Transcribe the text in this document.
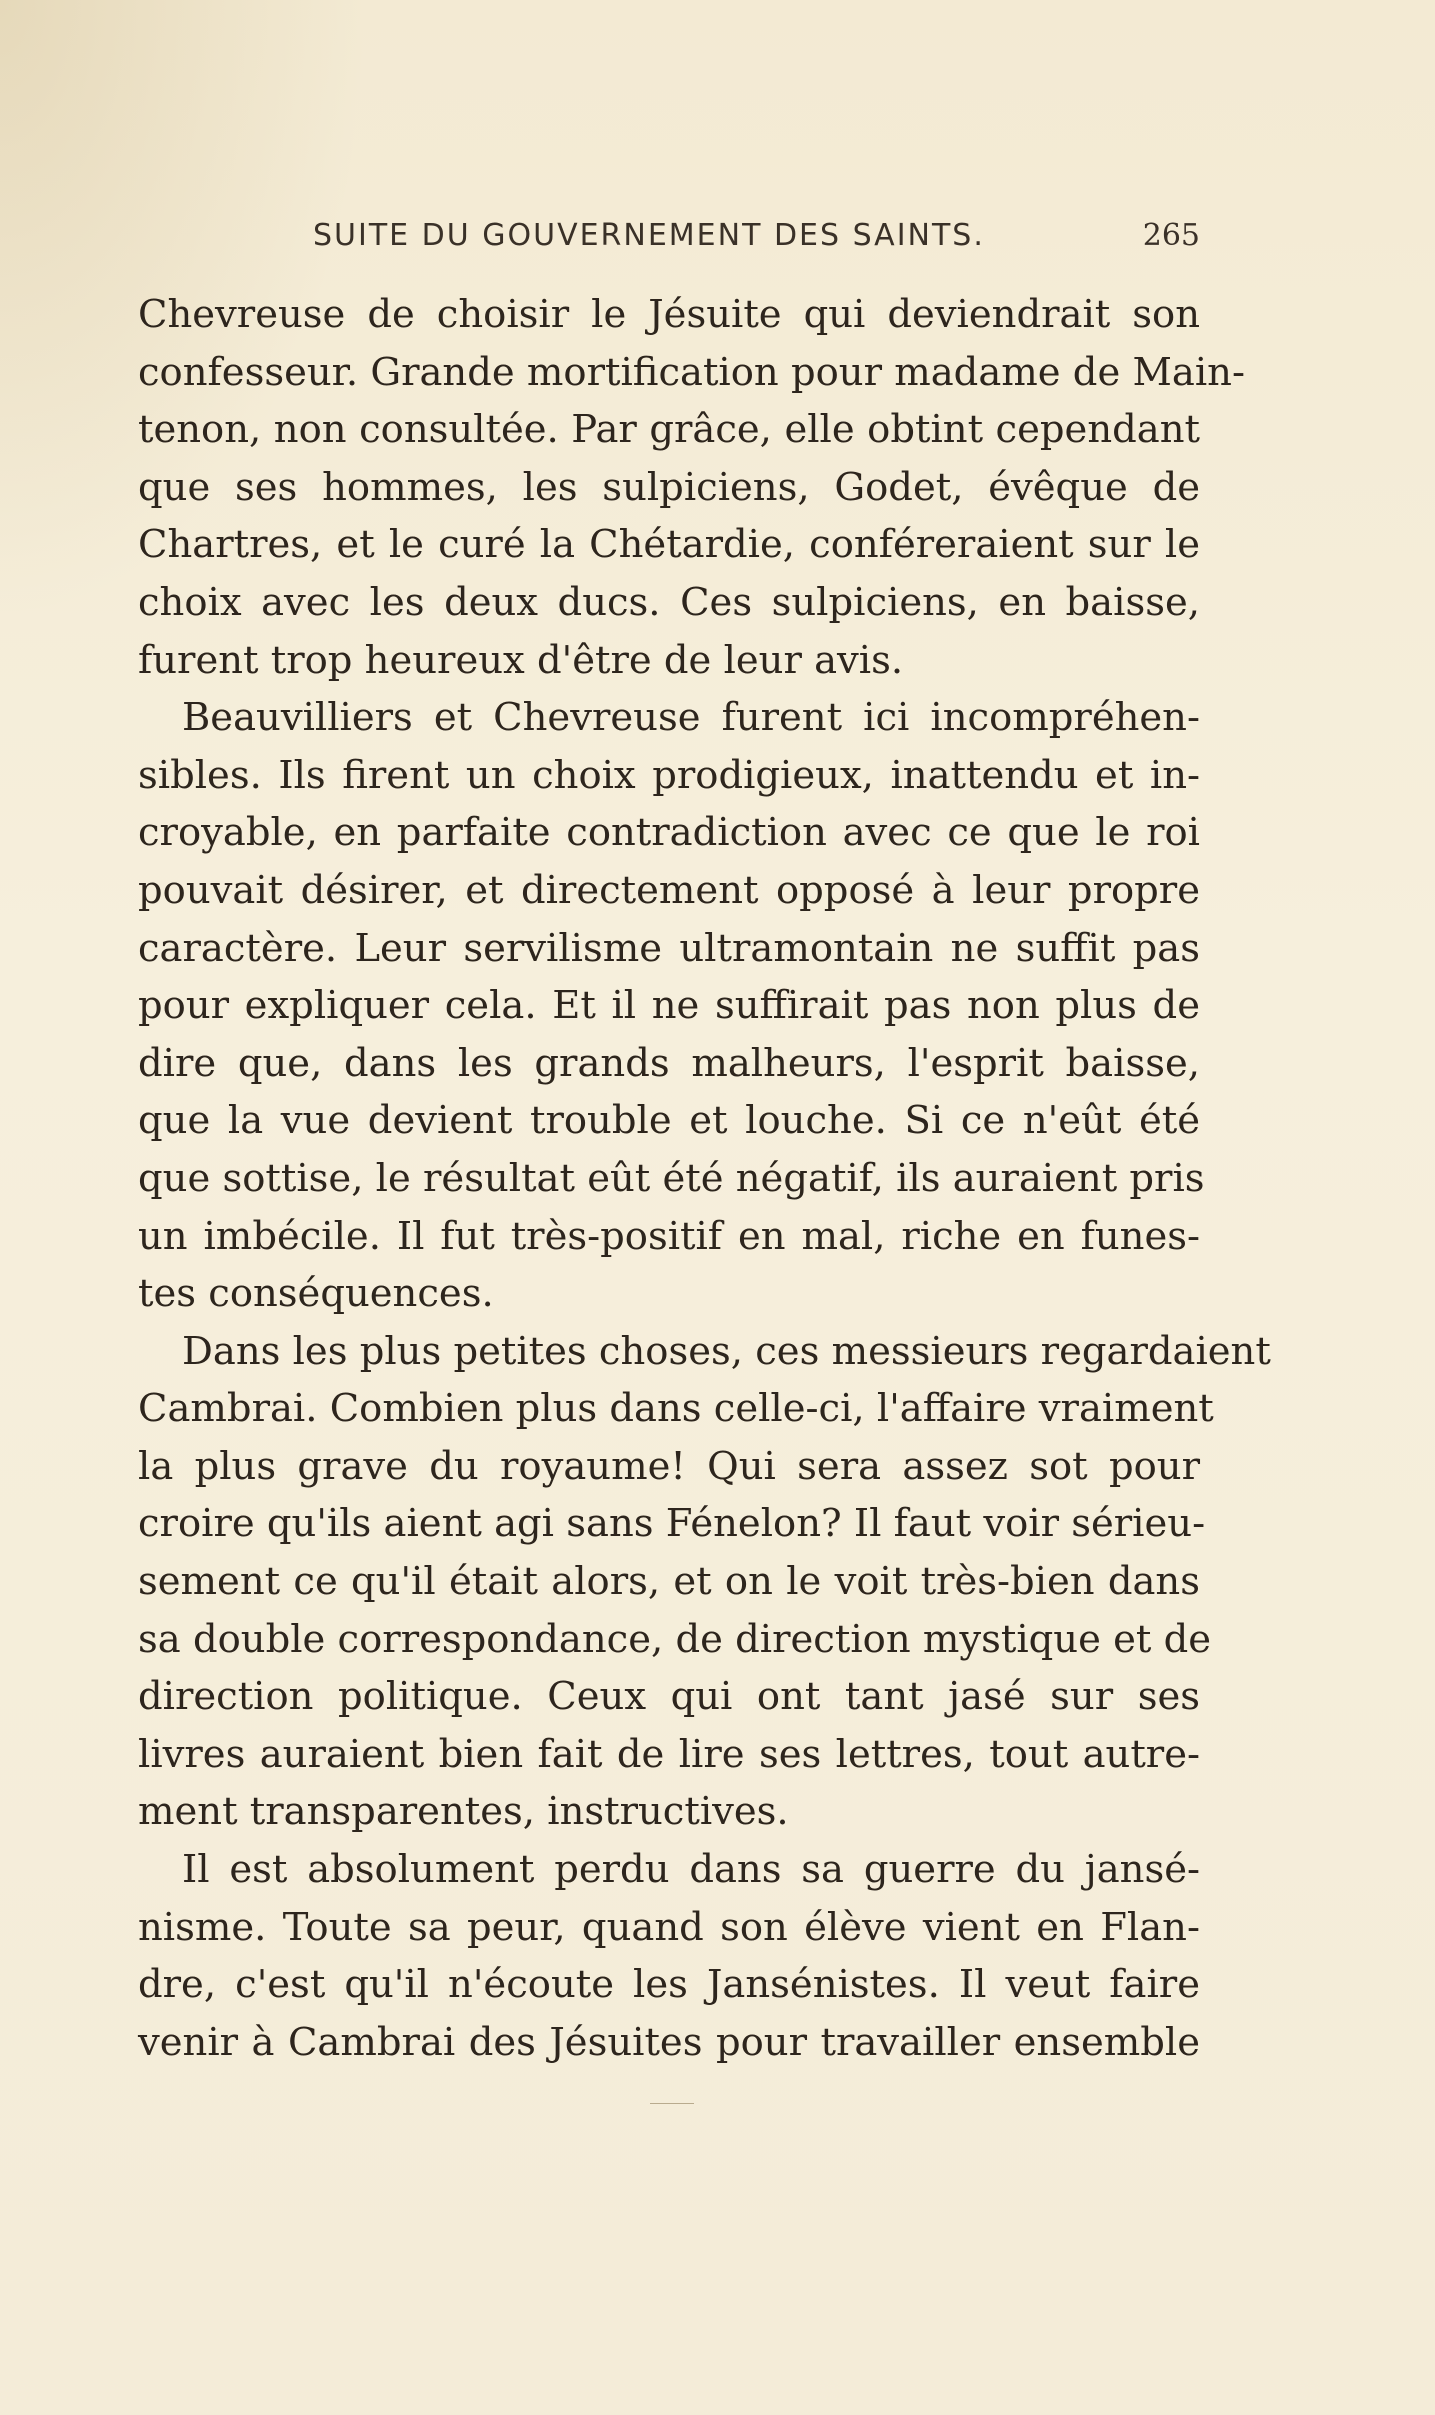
SUITE DU GOUVERNEMENT DES SAINTS.	265
Chevreuse de choisir le Jésuite qui deviendrait son
confesseur. Grande mortification pour madame de Main-
tenon, non consultée. Par grâce, elle obtint cependant
que ses hommes, les sulpiciens, Godet, évêque de
Chartres, et le curé la Chétardie, conféreraient sur le
choix avec les deux ducs. Ces sulpiciens, en baisse,
furent trop heureux d'être de leur avis.
Beauvilliers et Chevreuse furent ici incompréhen-
sibles. Ils firent un choix prodigieux, inattendu et in-
croyable, en parfaite contradiction avec ce que le roi
pouvait désirer, et directement opposé à leur propre
caractère. Leur servilisme ultramontain ne suffit pas
pour expliquer cela. Et il ne suffirait pas non plus de
dire que, dans les grands malheurs, l'esprit baisse,
que la vue devient trouble et louche. Si ce n'eût été
que sottise, le résultat eût été négatif, ils auraient pris
un imbécile. Il fut très-positif en mal, riche en funes-
tes conséquences.
Dans les plus petites choses, ces messieurs regardaient
Cambrai. Combien plus dans celle-ci, l'affaire vraiment
la plus grave du royaume! Qui sera assez sot pour
croire qu'ils aient agi sans Fénelon? Il faut voir sérieu-
sement ce qu'il était alors, et on le voit très-bien dans
sa double correspondance, de direction mystique et de
direction politique. Ceux qui ont tant jasé sur ses
livres auraient bien fait de lire ses lettres, tout autre-
ment transparentes, instructives.
Il est absolument perdu dans sa guerre du jansé-
nisme. Toute sa peur, quand son élève vient en Flan-
dre, c'est qu'il n'écoute les Jansénistes. Il veut faire
venir à Cambrai des Jésuites pour travailler ensemble
